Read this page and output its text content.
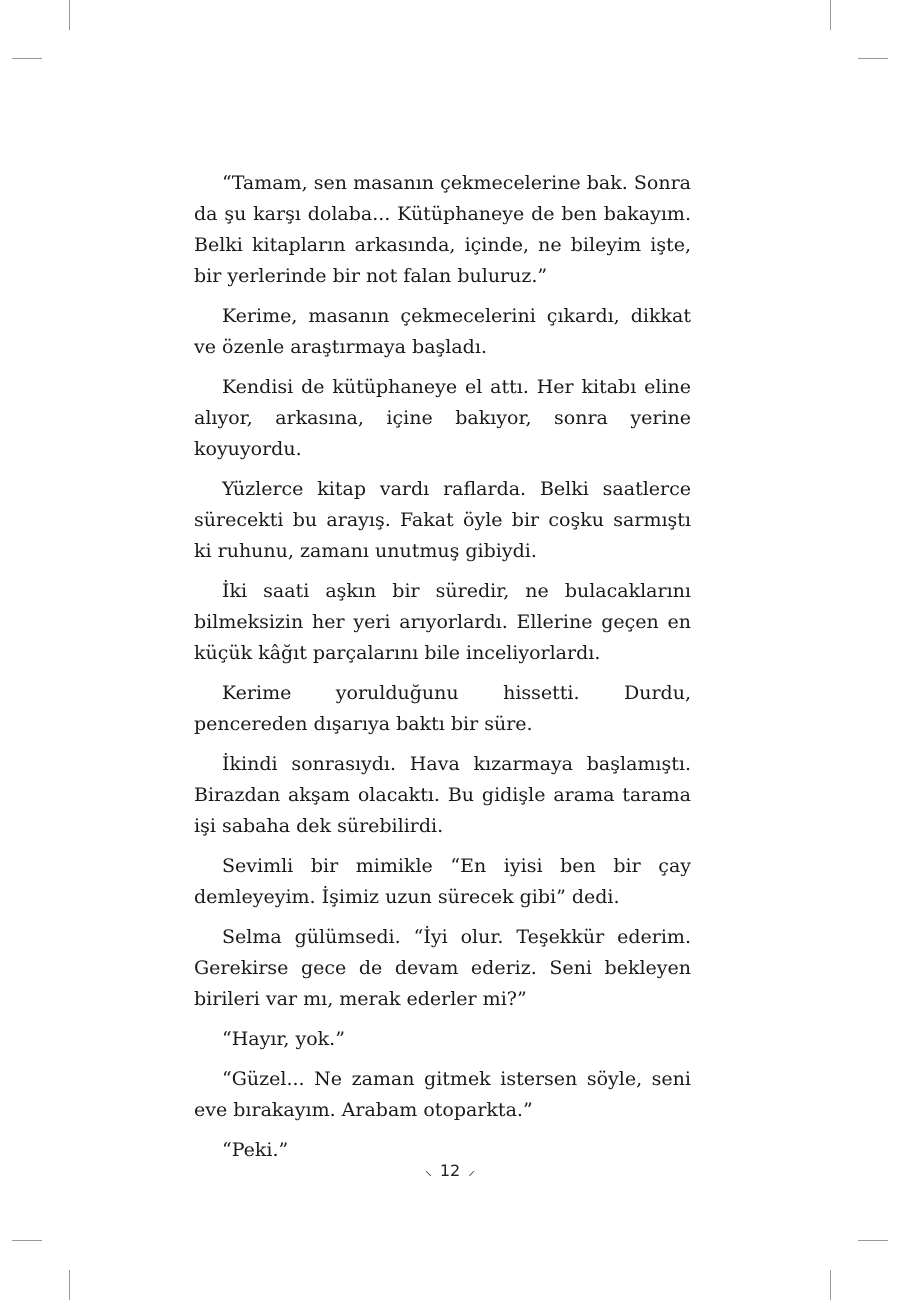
“Tamam, sen masanın çekmecelerine bak. Sonra da şu karşı dolaba... Kütüphaneye de ben bakayım. Belki kitapların arkasında, içinde, ne bileyim işte, bir yerlerinde bir not falan buluruz.”

Kerime, masanın çekmecelerini çıkardı, dikkat ve özenle araştırmaya başladı.

Kendisi de kütüphaneye el attı. Her kitabı eline alıyor, arkasına, içine bakıyor, sonra yerine koyuyordu.

Yüzlerce kitap vardı raflarda. Belki saatlerce sürecekti bu arayış. Fakat öyle bir coşku sarmıştı ki ruhunu, zamanı unutmuş gibiydi.

İki saati aşkın bir süredir, ne bulacaklarını bilmeksizin her yeri arıyorlardı. Ellerine geçen en küçük kâğıt parçalarını bile inceliyorlardı.

Kerime yorulduğunu hissetti. Durdu, pencereden dışarıya baktı bir süre.

İkindi sonrasıydı. Hava kızarmaya başlamıştı. Birazdan akşam olacaktı. Bu gidişle arama tarama işi sabaha dek sürebilirdi.

Sevimli bir mimikle “En iyisi ben bir çay demleyeyim. İşimiz uzun sürecek gibi” dedi.

Selma gülümsedi. “İyi olur. Teşekkür ederim. Gerekirse gece de devam ederiz. Seni bekleyen birileri var mı, merak ederler mi?”

“Hayır, yok.”

“Güzel... Ne zaman gitmek istersen söyle, seni eve bırakayım. Arabam otoparkta.”

“Peki.”

⸜ 12 ⸝
